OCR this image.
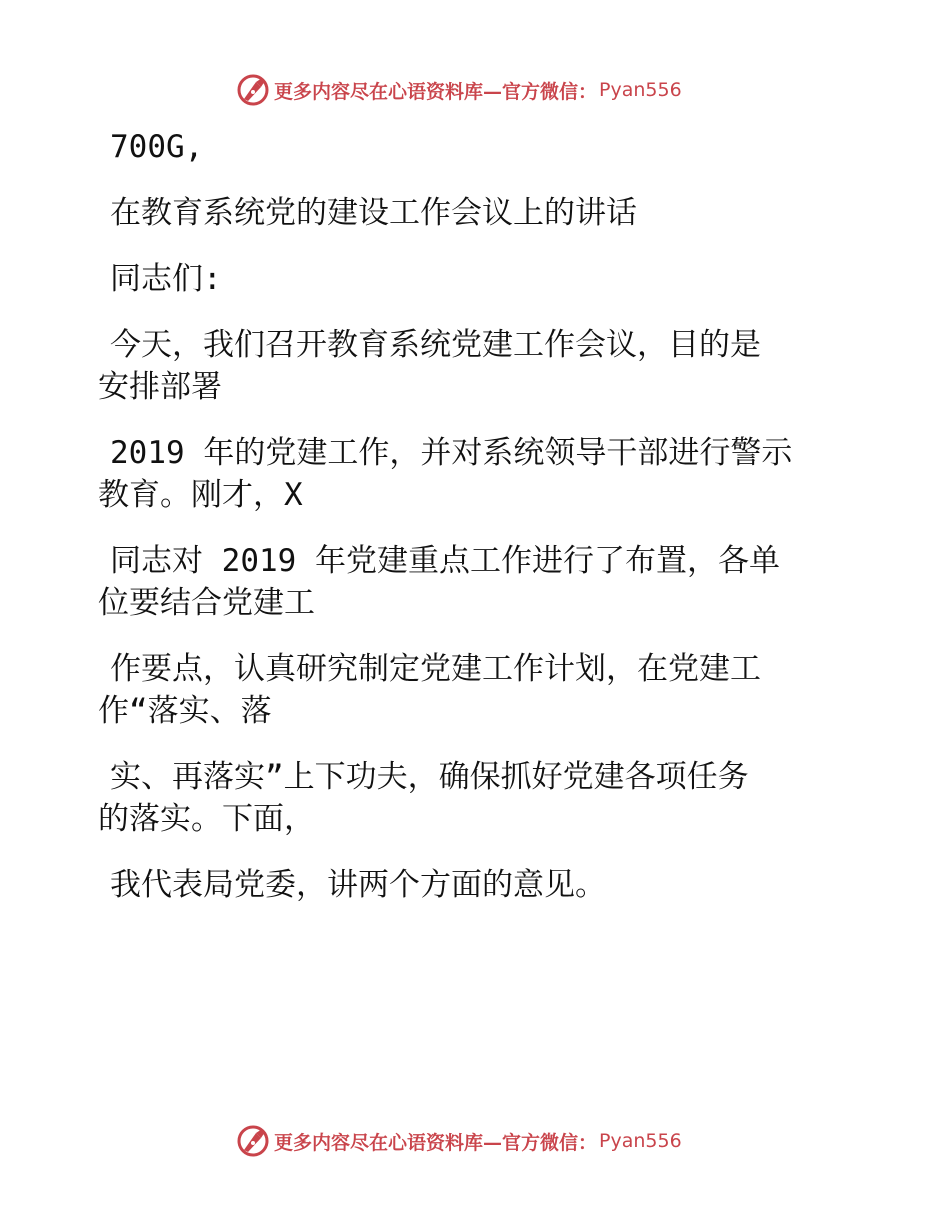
更多内容尽在心语资料库—官方微信： Pyan556

700G,

在教育系统党的建设工作会议上的讲话

同志们:

今天，我们召开教育系统党建工作会议，目的是

安排部署

2019 年的党建工作，并对系统领导干部进行警示

教育。刚才，X

同志对 2019 年党建重点工作进行了布置，各单

位要结合党建工

作要点，认真研究制定党建工作计划，在党建工

作“落实、落

实、再落实”上下功夫，确保抓好党建各项任务

的落实。下面，

我代表局党委，讲两个方面的意见。

更多内容尽在心语资料库—官方微信： Pyan556
